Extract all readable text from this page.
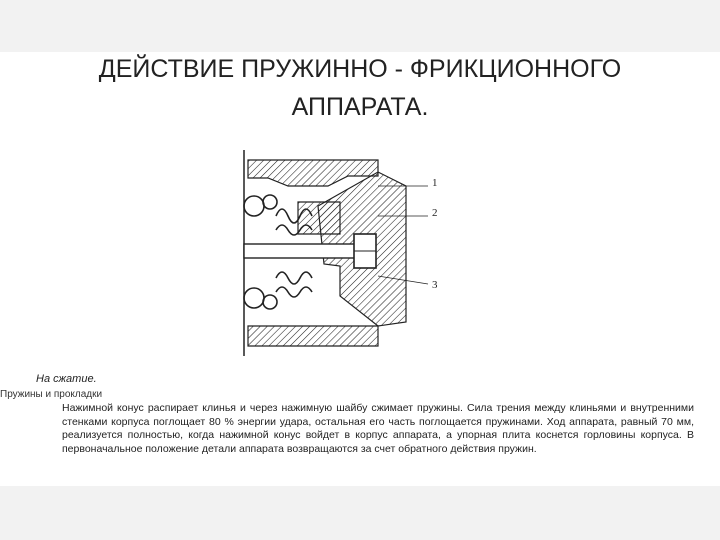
ДЕЙСТВИЕ ПРУЖИННО - ФРИКЦИОННОГО
АППАРАТА.
1
2
3
На сжатие.
Пружины и прокладки
Нажимной конус распирает клинья и через нажимную шайбу сжимает пружины. Сила трения между клиньями и внутренними стенками корпуса поглощает 80 % энергии удара, остальная его часть поглощается пружинами. Ход аппарата, равный 70 мм, реализуется полностью, когда нажимной конус войдет в корпус аппарата, а упорная плита коснется горловины корпуса. В первоначальное положение детали аппарата возвращаются за счет обратного действия пружин.
